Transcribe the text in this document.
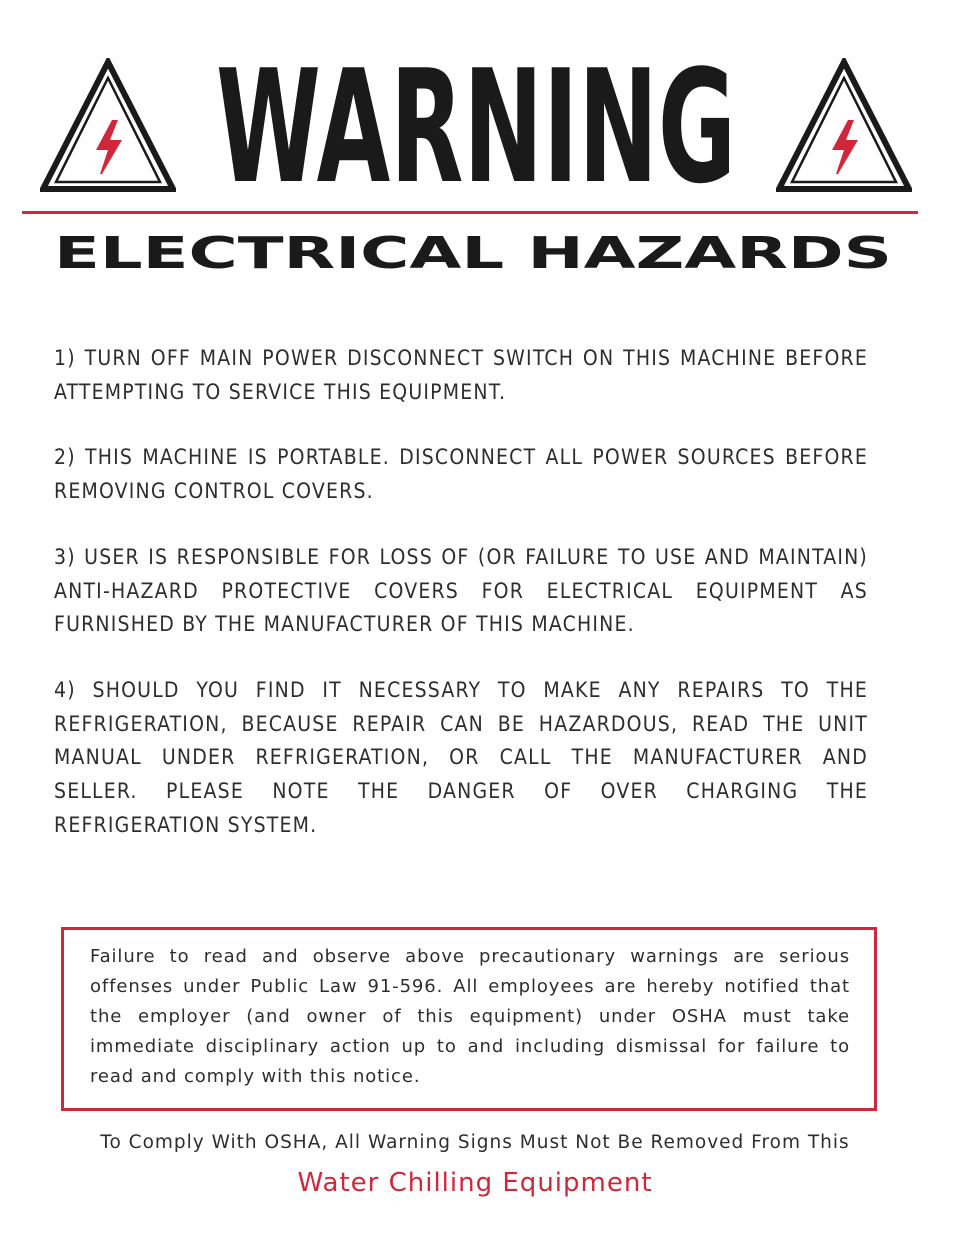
WARNING
ELECTRICAL HAZARDS

1) TURN OFF MAIN POWER DISCONNECT SWITCH ON THIS MACHINE BEFORE ATTEMPTING TO SERVICE THIS EQUIPMENT.

2) THIS MACHINE IS PORTABLE. DISCONNECT ALL POWER SOURCES BEFORE REMOVING CONTROL COVERS.

3) USER IS RESPONSIBLE FOR LOSS OF (OR FAILURE TO USE AND MAINTAIN) ANTI-HAZARD PROTECTIVE COVERS FOR ELECTRICAL EQUIPMENT AS FURNISHED BY THE MANUFACTURER OF THIS MACHINE.

4) SHOULD YOU FIND IT NECESSARY TO MAKE ANY REPAIRS TO THE REFRIGERATION, BECAUSE REPAIR CAN BE HAZARDOUS, READ THE UNIT MANUAL UNDER REFRIGERATION, OR CALL THE MANUFACTURER AND SELLER. PLEASE NOTE THE DANGER OF OVER CHARGING THE REFRIGERATION SYSTEM.

Failure to read and observe above precautionary warnings are serious offenses under Public Law 91-596. All employees are hereby notified that the employer (and owner of this equipment) under OSHA must take immediate disciplinary action up to and including dismissal for failure to read and comply with this notice.
To Comply With OSHA, All Warning Signs Must Not Be Removed From This
Water Chilling Equipment
